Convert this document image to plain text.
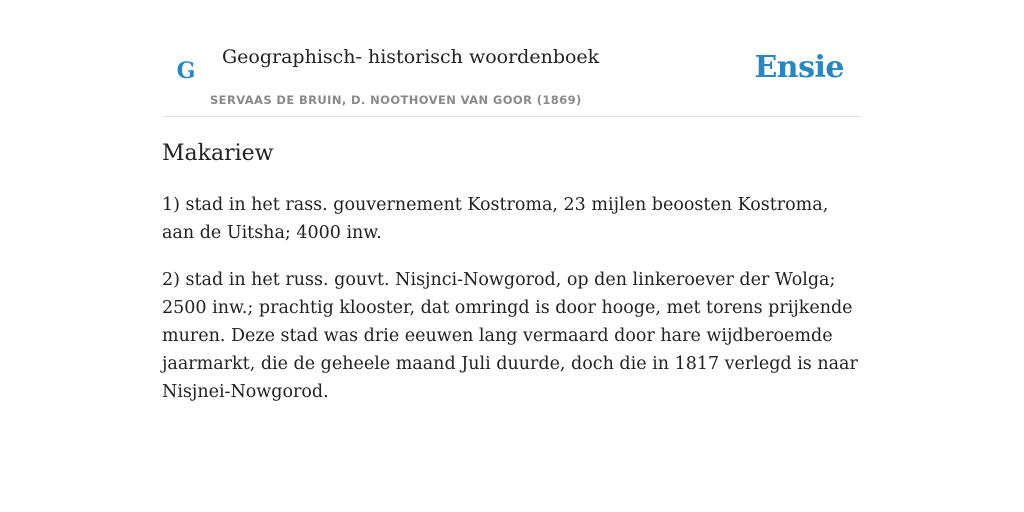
G
Geographisch- historisch woordenboek
SERVAAS DE BRUIN, D. NOOTHOVEN VAN GOOR (1869)
Ensie
Makariew

1) stad in het rass. gouvernement Kostroma, 23 mijlen beoosten Kostroma, aan de Uitsha; 4000 inw.

2) stad in het russ. gouvt. Nisjnci-Nowgorod, op den linkeroever der Wolga; 2500 inw.; prachtig klooster, dat omringd is door hooge, met torens prijkende muren. Deze stad was drie eeuwen lang vermaard door hare wijdberoemde jaarmarkt, die de geheele maand Juli duurde, doch die in 1817 verlegd is naar Nisjnei-Nowgorod.
